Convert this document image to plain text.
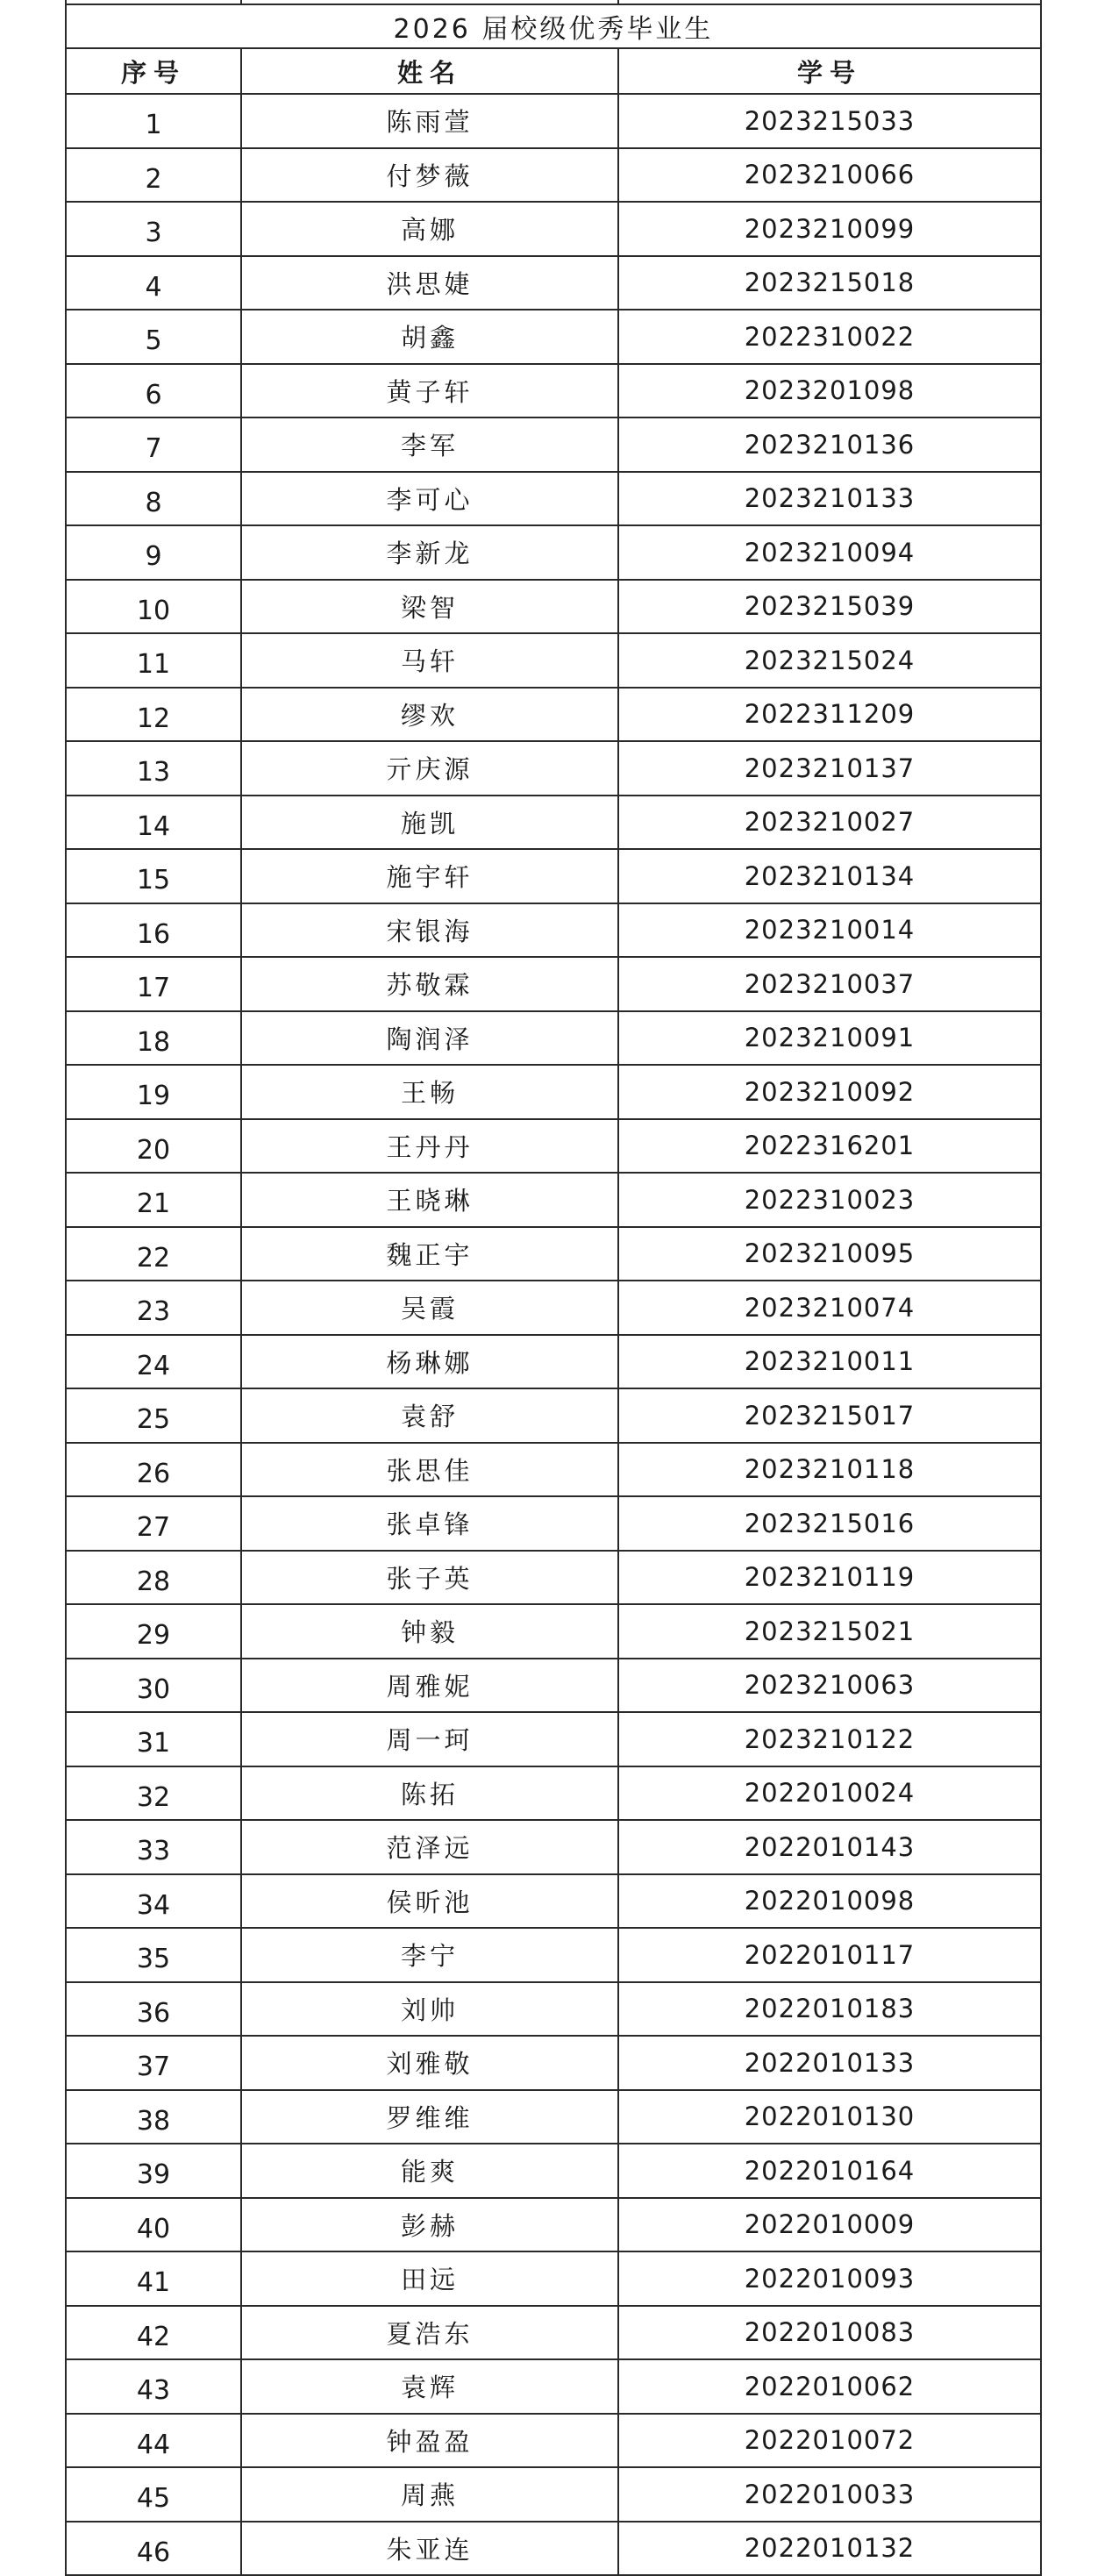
2026 届校级优秀毕业生		
序号	姓名	学号
1	陈雨萱	2023215033
2	付梦薇	2023210066
3	高娜	2023210099
4	洪思婕	2023215018
5	胡鑫	2022310022
6	黄子轩	2023201098
7	李军	2023210136
8	李可心	2023210133
9	李新龙	2023210094
10	梁智	2023215039
11	马轩	2023215024
12	缪欢	2022311209
13	亓庆源	2023210137
14	施凯	2023210027
15	施宇轩	2023210134
16	宋银海	2023210014
17	苏敬霖	2023210037
18	陶润泽	2023210091
19	王畅	2023210092
20	王丹丹	2022316201
21	王晓琳	2022310023
22	魏正宇	2023210095
23	吴霞	2023210074
24	杨琳娜	2023210011
25	袁舒	2023215017
26	张思佳	2023210118
27	张卓锋	2023215016
28	张子英	2023210119
29	钟毅	2023215021
30	周雅妮	2023210063
31	周一珂	2023210122
32	陈拓	2022010024
33	范泽远	2022010143
34	侯昕池	2022010098
35	李宁	2022010117
36	刘帅	2022010183
37	刘雅敬	2022010133
38	罗维维	2022010130
39	能爽	2022010164
40	彭赫	2022010009
41	田远	2022010093
42	夏浩东	2022010083
43	袁辉	2022010062
44	钟盈盈	2022010072
45	周燕	2022010033
46	朱亚连	2022010132
